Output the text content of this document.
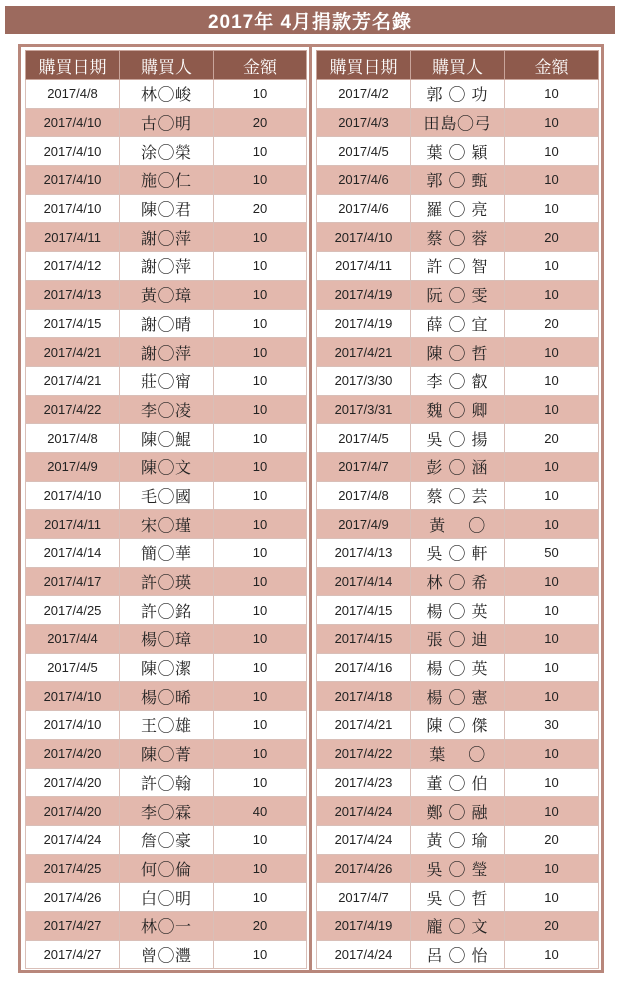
2017年 4月捐款芳名錄
購買日期	購買人	金額
2017/4/8	林◯峻	10
2017/4/10	古◯明	20
2017/4/10	涂◯榮	10
2017/4/10	施◯仁	10
2017/4/10	陳◯君	20
2017/4/11	謝◯萍	10
2017/4/12	謝◯萍	10
2017/4/13	黃◯璋	10
2017/4/15	謝◯晴	10
2017/4/21	謝◯萍	10
2017/4/21	莊◯甯	10
2017/4/22	李◯凌	10
2017/4/8	陳◯鯤	10
2017/4/9	陳◯文	10
2017/4/10	毛◯國	10
2017/4/11	宋◯瑾	10
2017/4/14	簡◯華	10
2017/4/17	許◯瑛	10
2017/4/25	許◯銘	10
2017/4/4	楊◯璋	10
2017/4/5	陳◯潔	10
2017/4/10	楊◯晞	10
2017/4/10	王◯雄	10
2017/4/20	陳◯菁	10
2017/4/20	許◯翰	10
2017/4/20	李◯霖	40
2017/4/24	詹◯豪	10
2017/4/25	何◯倫	10
2017/4/26	白◯明	10
2017/4/27	林◯一	20
2017/4/27	曾◯灃	10
購買日期	購買人	金額
2017/4/2	郭 ◯ 功	10
2017/4/3	田島◯弓	10
2017/4/5	葉 ◯ 穎	10
2017/4/6	郭 ◯ 甄	10
2017/4/6	羅 ◯ 亮	10
2017/4/10	蔡 ◯ 蓉	20
2017/4/11	許 ◯ 智	10
2017/4/19	阮 ◯ 雯	10
2017/4/19	薛 ◯ 宜	20
2017/4/21	陳 ◯ 哲	10
2017/3/30	李 ◯ 叡	10
2017/3/31	魏 ◯ 卿	10
2017/4/5	吳 ◯ 揚	20
2017/4/7	彭 ◯ 涵	10
2017/4/8	蔡 ◯ 芸	10
2017/4/9	黃　 ◯	10
2017/4/13	吳 ◯ 軒	50
2017/4/14	林 ◯ 希	10
2017/4/15	楊 ◯ 英	10
2017/4/15	張 ◯ 迪	10
2017/4/16	楊 ◯ 英	10
2017/4/18	楊 ◯ 憲	10
2017/4/21	陳 ◯ 傑	30
2017/4/22	葉　 ◯	10
2017/4/23	董 ◯ 伯	10
2017/4/24	鄭 ◯ 融	10
2017/4/24	黃 ◯ 瑜	20
2017/4/26	吳 ◯ 瑩	10
2017/4/7	吳 ◯ 哲	10
2017/4/19	龐 ◯ 文	20
2017/4/24	呂 ◯ 怡	10
